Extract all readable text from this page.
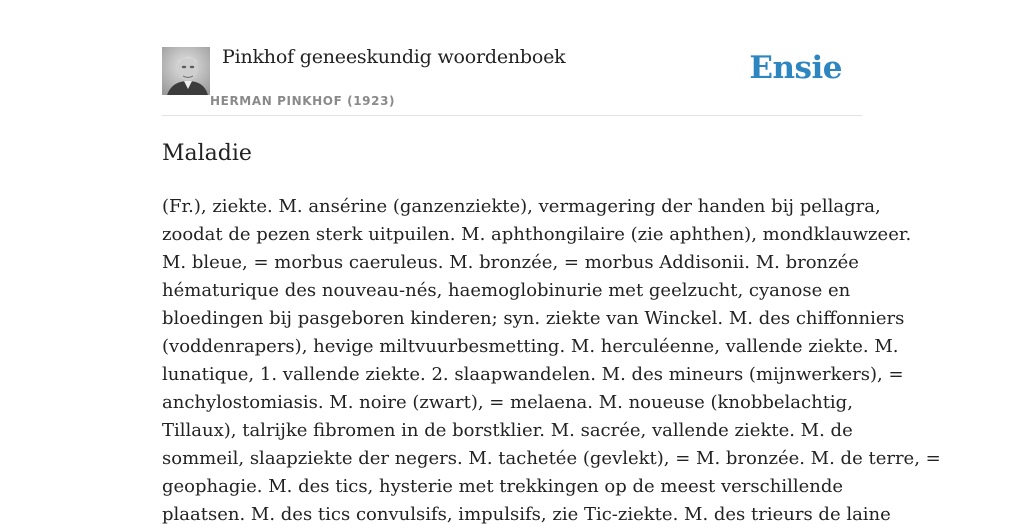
Pinkhof geneeskundig woordenboek
HERMAN PINKHOF (1923)
Ensie
Maladie

(Fr.), ziekte. M. ansérine (ganzenziekte), vermagering der handen bij pellagra,
zoodat de pezen sterk uitpuilen. M. aphthongilaire (zie aphthen), mondklauwzeer.
M. bleue, = morbus caeruleus. M. bronzée, = morbus Addisonii. M. bronzée
hématurique des nouveau-nés, haemoglobinurie met geelzucht, cyanose en
bloedingen bij pasgeboren kinderen; syn. ziekte van Winckel. M. des chiffonniers
(voddenrapers), hevige miltvuurbesmetting. M. herculéenne, vallende ziekte. M.
lunatique, 1. vallende ziekte. 2. slaapwandelen. M. des mineurs (mijnwerkers), =
anchylostomiasis. M. noire (zwart), = melaena. M. noueuse (knobbelachtig,
Tillaux), talrijke fibromen in de borstklier. M. sacrée, vallende ziekte. M. de
sommeil, slaapziekte der negers. M. tachetée (gevlekt), = M. bronzée. M. de terre, =
geophagie. M. des tics, hysterie met trekkingen op de meest verschillende
plaatsen. M. des tics convulsifs, impulsifs, zie Tic-ziekte. M. des trieurs de laine
